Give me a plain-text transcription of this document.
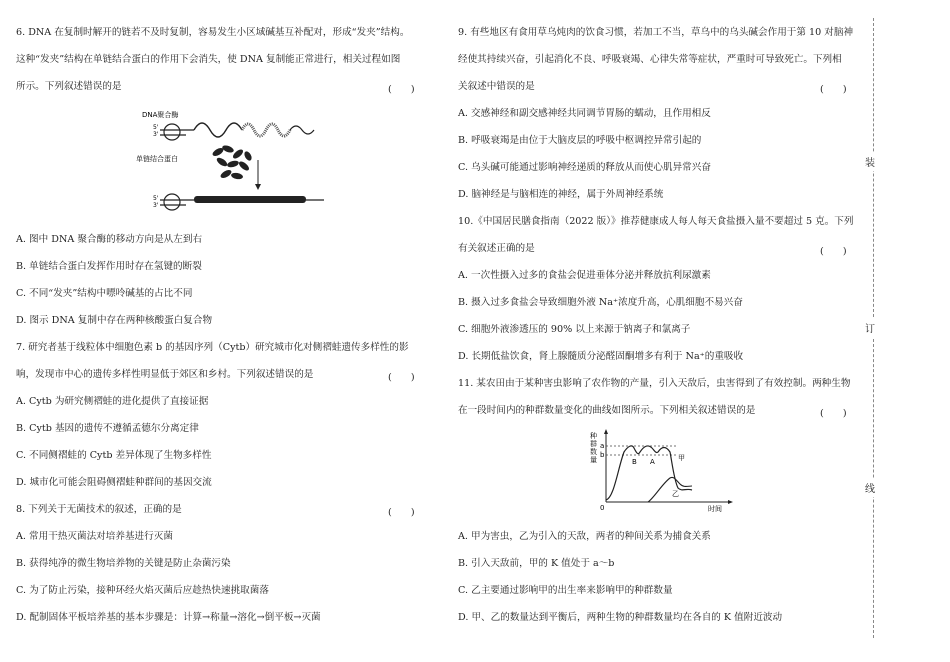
6. DNA 在复制时解开的链若不及时复制，容易发生小区域碱基互补配对，形成“发夹”结构。
这种“发夹”结构在单链结合蛋白的作用下会消失，使 DNA 复制能正常进行，相关过程如图
所示。下列叙述错误的是	(　　)
DNA聚合酶
5'
3'
单链结合蛋白
5'
3'
A. 图中 DNA 聚合酶的移动方向是从左到右
B. 单链结合蛋白发挥作用时存在氢键的断裂
C. 不同“发夹”结构中嘌呤碱基的占比不同
D. 图示 DNA 复制中存在两种核酸蛋白复合物
7. 研究者基于线粒体中细胞色素 b 的基因序列（Cytb）研究城市化对侧褶蛙遗传多样性的影
响，发现市中心的遗传多样性明显低于郊区和乡村。下列叙述错误的是	(　　)
A. Cytb 为研究侧褶蛙的进化提供了直接证据
B. Cytb 基因的遗传不遵循孟德尔分离定律
C. 不同侧褶蛙的 Cytb 差异体现了生物多样性
D. 城市化可能会阻碍侧褶蛙种群间的基因交流
8. 下列关于无菌技术的叙述，正确的是	(　　)
A. 常用干热灭菌法对培养基进行灭菌
B. 获得纯净的微生物培养物的关键是防止杂菌污染
C. 为了防止污染，接种环经火焰灭菌后应趁热快速挑取菌落
D. 配制固体平板培养基的基本步骤是：计算→称量→溶化→倒平板→灭菌
9. 有些地区有食用草乌炖肉的饮食习惯，若加工不当，草乌中的乌头碱会作用于第 10 对脑神
经使其持续兴奋，引起消化不良、呼吸衰竭、心律失常等症状，严重时可导致死亡。下列相
关叙述中错误的是	(　　)
A. 交感神经和副交感神经共同调节胃肠的蠕动，且作用相反
B. 呼吸衰竭是由位于大脑皮层的呼吸中枢调控异常引起的
C. 乌头碱可能通过影响神经递质的释放从而使心肌异常兴奋
D. 脑神经是与脑相连的神经，属于外周神经系统
10.《中国居民膳食指南（2022 版）》推荐健康成人每人每天食盐摄入量不要超过 5 克。下列
有关叙述正确的是	(　　)
A. 一次性摄入过多的食盐会促进垂体分泌并释放抗利尿激素
B. 摄入过多食盐会导致细胞外液 Na⁺浓度升高，心肌细胞不易兴奋
C. 细胞外液渗透压的 90% 以上来源于钠离子和氯离子
D. 长期低盐饮食，肾上腺髓质分泌醛固酮增多有利于 Na⁺的重吸收
11. 某农田由于某种害虫影响了农作物的产量，引入天敌后，虫害得到了有效控制。两种生物
在一段时间内的种群数量变化的曲线如图所示。下列相关叙述错误的是	(　　)
种
群
数
量
0	时间
a
b
B A	甲
乙
A. 甲为害虫，乙为引入的天敌，两者的种间关系为捕食关系
B. 引入天敌前，甲的 K 值处于 a～b
C. 乙主要通过影响甲的出生率来影响甲的种群数量
D. 甲、乙的数量达到平衡后，两种生物的种群数量均在各自的 K 值附近波动
装
订
线
